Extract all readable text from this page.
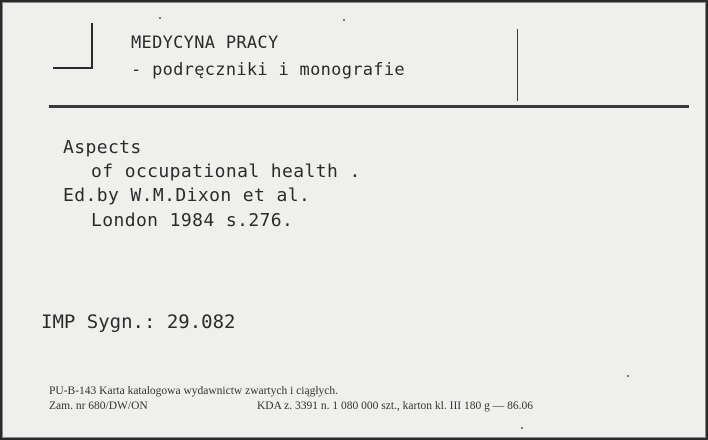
MEDYCYNA PRACY
- podręczniki i monografie
Aspects
of occupational health .
Ed.by W.M.Dixon et al.
London 1984 s.276.
IMP Sygn.: 29.082
PU-B-143 Karta katalogowa wydawnictw zwartych i ciągłych.
Zam. nr 680/DW/ON	KDA z. 3391 n. 1 080 000 szt., karton kl. III 180 g — 86.06
